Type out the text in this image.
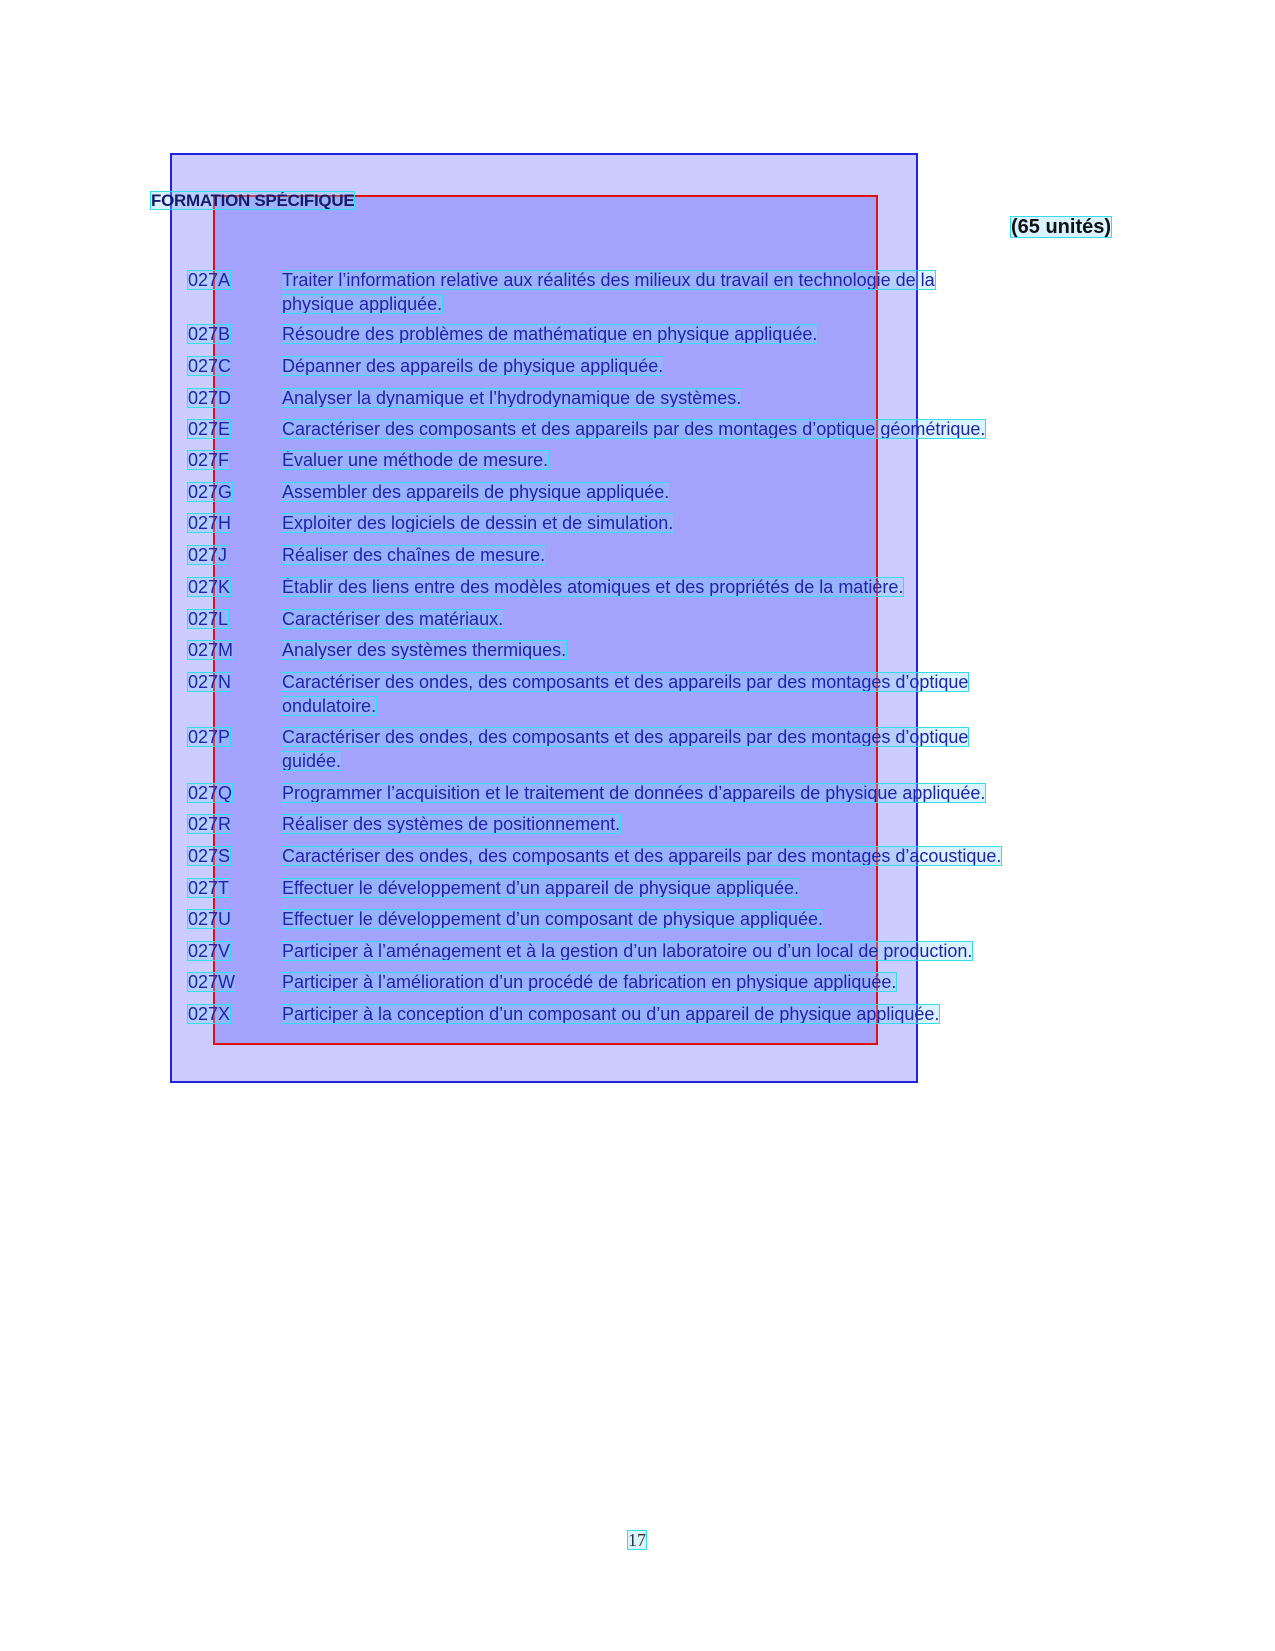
FORMATION SPÉCIFIQUE
(65 unités)
027A	Traiter l’information relative aux réalités des milieux du travail en technologie de la
physique appliquée.
027B	Résoudre des problèmes de mathématique en physique appliquée.
027C	Dépanner des appareils de physique appliquée.
027D	Analyser la dynamique et l’hydrodynamique de systèmes.
027E	Caractériser des composants et des appareils par des montages d’optique géométrique.
027F	Évaluer une méthode de mesure.
027G	Assembler des appareils de physique appliquée.
027H	Exploiter des logiciels de dessin et de simulation.
027J	Réaliser des chaînes de mesure.
027K	Établir des liens entre des modèles atomiques et des propriétés de la matière.
027L	Caractériser des matériaux.
027M	Analyser des systèmes thermiques.
027N	Caractériser des ondes, des composants et des appareils par des montages d’optique
ondulatoire.
027P	Caractériser des ondes, des composants et des appareils par des montages d’optique
guidée.
027Q	Programmer l’acquisition et le traitement de données d’appareils de physique appliquée.
027R	Réaliser des systèmes de positionnement.
027S	Caractériser des ondes, des composants et des appareils par des montages d’acoustique.
027T	Effectuer le développement d’un appareil de physique appliquée.
027U	Effectuer le développement d’un composant de physique appliquée.
027V	Participer à l’aménagement et à la gestion d’un laboratoire ou d’un local de production.
027W	Participer à l’amélioration d’un procédé de fabrication en physique appliquée.
027X	Participer à la conception d’un composant ou d’un appareil de physique appliquée.
17
